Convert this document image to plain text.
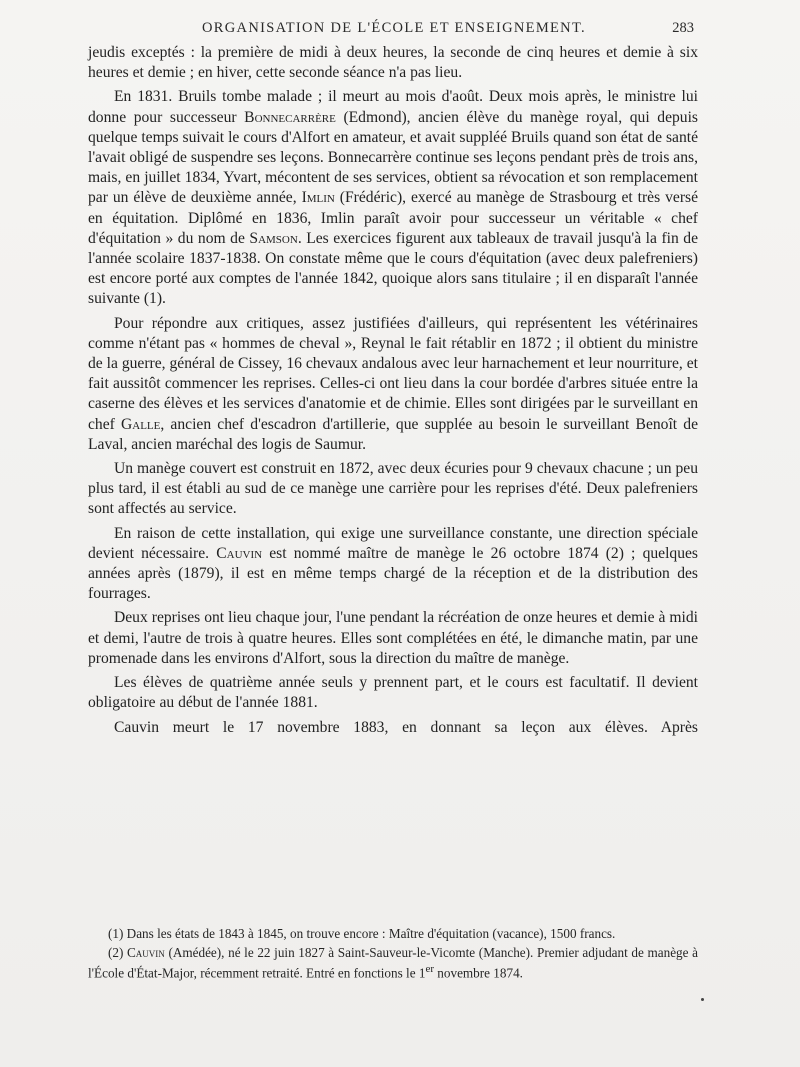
ORGANISATION DE L'ÉCOLE ET ENSEIGNEMENT.	283

jeudis exceptés : la première de midi à deux heures, la seconde de cinq heures et demie à six heures et demie ; en hiver, cette seconde séance n'a pas lieu.

En 1831. Bruils tombe malade ; il meurt au mois d'août. Deux mois après, le ministre lui donne pour successeur Bonnecarrère (Edmond), ancien élève du manège royal, qui depuis quelque temps suivait le cours d'Alfort en amateur, et avait suppléé Bruils quand son état de santé l'avait obligé de suspendre ses leçons. Bonnecarrère continue ses leçons pendant près de trois ans, mais, en juillet 1834, Yvart, mécontent de ses services, obtient sa révocation et son remplacement par un élève de deuxième année, Imlin (Frédéric), exercé au manège de Strasbourg et très versé en équitation. Diplômé en 1836, Imlin paraît avoir pour successeur un véritable « chef d'équitation » du nom de Samson. Les exercices figurent aux tableaux de travail jusqu'à la fin de l'année scolaire 1837-1838. On constate même que le cours d'équitation (avec deux palefreniers) est encore porté aux comptes de l'année 1842, quoique alors sans titulaire ; il en disparaît l'année suivante (1).

Pour répondre aux critiques, assez justifiées d'ailleurs, qui représentent les vétérinaires comme n'étant pas « hommes de cheval », Reynal le fait rétablir en 1872 ; il obtient du ministre de la guerre, général de Cissey, 16 chevaux andalous avec leur harnachement et leur nourriture, et fait aussitôt commencer les reprises. Celles-ci ont lieu dans la cour bordée d'arbres située entre la caserne des élèves et les services d'anatomie et de chimie. Elles sont dirigées par le surveillant en chef Galle, ancien chef d'escadron d'artillerie, que supplée au besoin le surveillant Benoît de Laval, ancien maréchal des logis de Saumur.

Un manège couvert est construit en 1872, avec deux écuries pour 9 chevaux chacune ; un peu plus tard, il est établi au sud de ce manège une carrière pour les reprises d'été. Deux palefreniers sont affectés au service.

En raison de cette installation, qui exige une surveillance constante, une direction spéciale devient nécessaire. Cauvin est nommé maître de manège le 26 octobre 1874 (2) ; quelques années après (1879), il est en même temps chargé de la réception et de la distribution des fourrages.

Deux reprises ont lieu chaque jour, l'une pendant la récréation de onze heures et demie à midi et demi, l'autre de trois à quatre heures. Elles sont complétées en été, le dimanche matin, par une promenade dans les environs d'Alfort, sous la direction du maître de manège.

Les élèves de quatrième année seuls y prennent part, et le cours est facultatif. Il devient obligatoire au début de l'année 1881.

Cauvin meurt le 17 novembre 1883, en donnant sa leçon aux élèves. Après

(1) Dans les états de 1843 à 1845, on trouve encore : Maître d'équitation (vacance), 1500 francs.

(2) Cauvin (Amédée), né le 22 juin 1827 à Saint-Sauveur-le-Vicomte (Manche). Premier adjudant de manège à l'École d'État-Major, récemment retraité. Entré en fonctions le 1er novembre 1874.
